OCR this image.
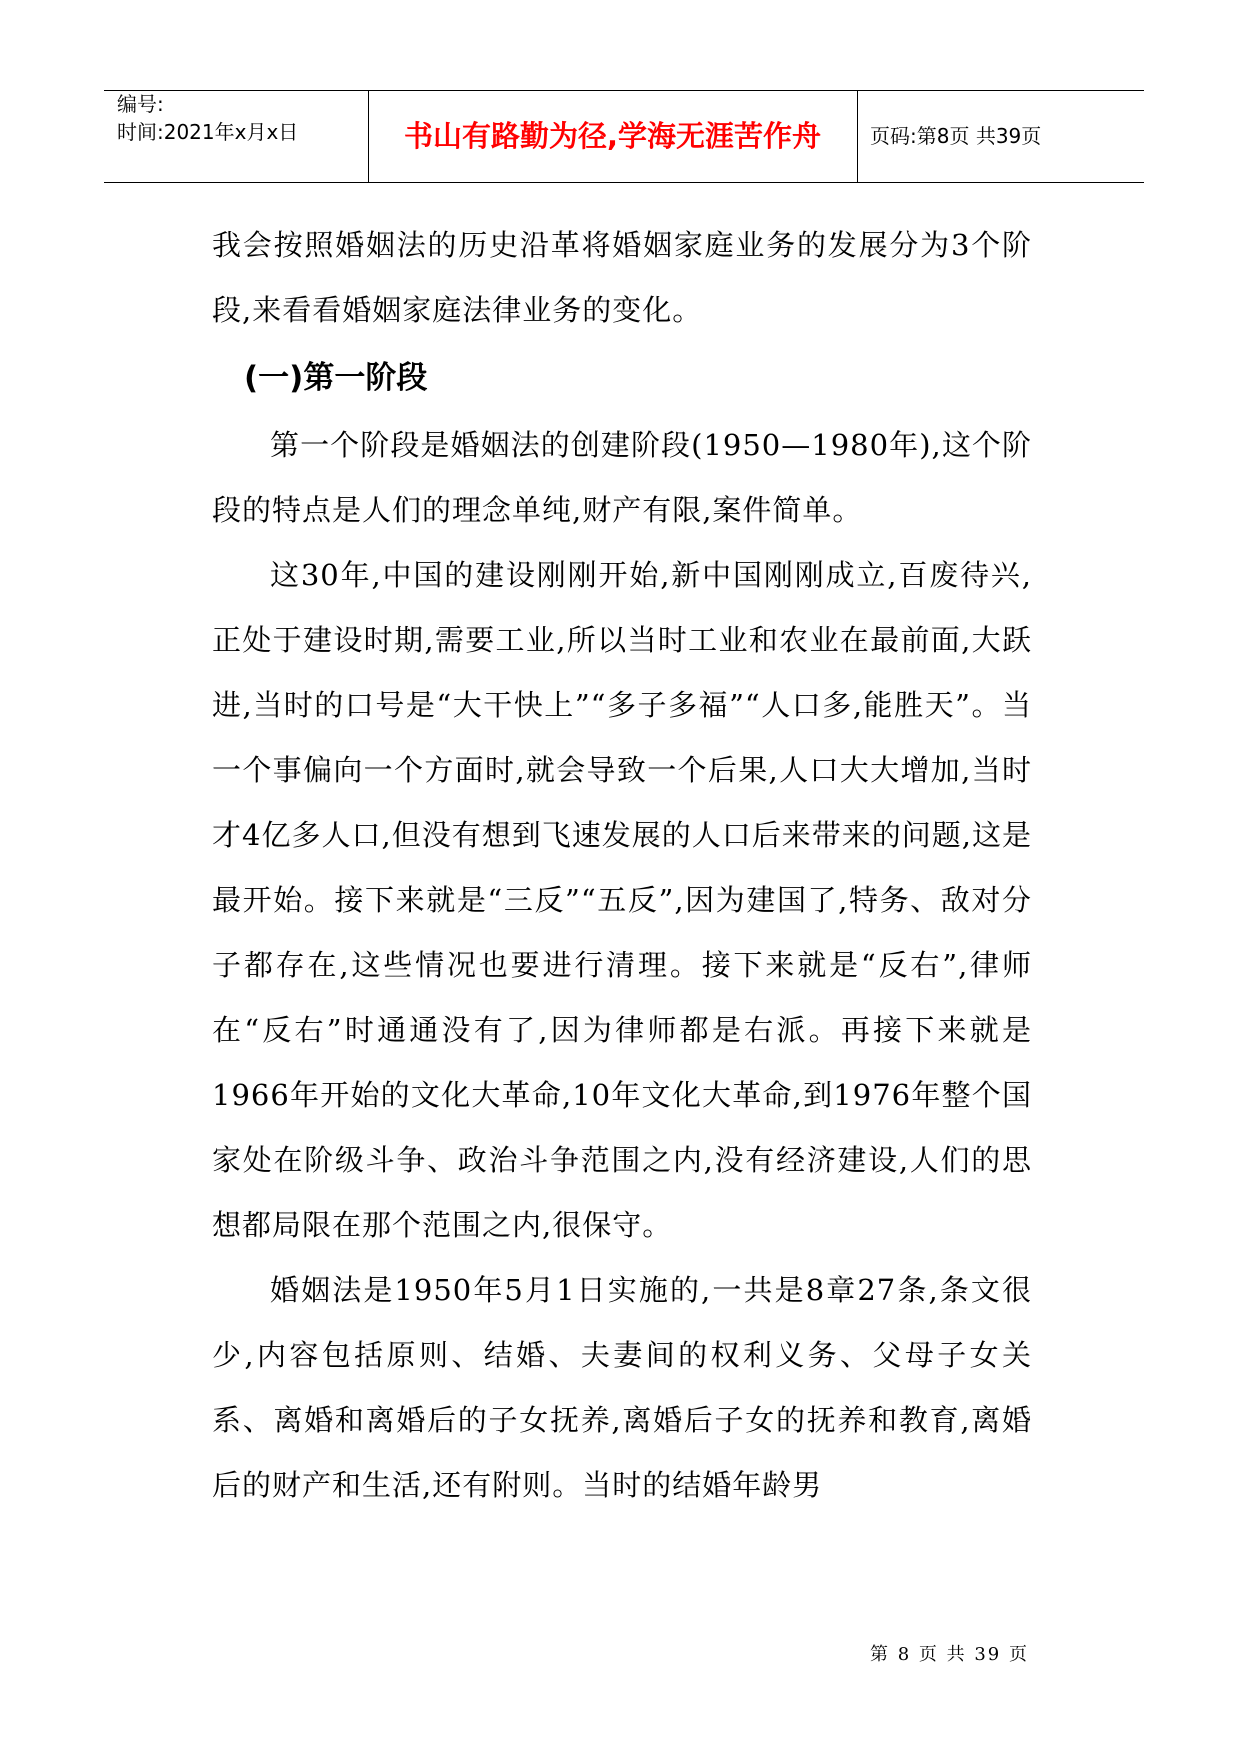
编号:
时间:2021年x月x日	书山有路勤为径,学海无涯苦作舟	页码:第8页 共39页

我会按照婚姻法的历史沿革将婚姻家庭业务的发展分为3个阶段,来看看婚姻家庭法律业务的变化。

(一)第一阶段

第一个阶段是婚姻法的创建阶段(1950—1980年),这个阶段的特点是人们的理念单纯,财产有限,案件简单。

这30年,中国的建设刚刚开始,新中国刚刚成立,百废待兴,正处于建设时期,需要工业,所以当时工业和农业在最前面,大跃进,当时的口号是“大干快上”“多子多福”“人口多,能胜天”。当一个事偏向一个方面时,就会导致一个后果,人口大大增加,当时才4亿多人口,但没有想到飞速发展的人口后来带来的问题,这是最开始。接下来就是“三反”“五反”,因为建国了,特务、敌对分子都存在,这些情况也要进行清理。接下来就是“反右”,律师在“反右”时通通没有了,因为律师都是右派。再接下来就是1966年开始的文化大革命,10年文化大革命,到1976年整个国家处在阶级斗争、政治斗争范围之内,没有经济建设,人们的思想都局限在那个范围之内,很保守。

婚姻法是1950年5月1日实施的,一共是8章27条,条文很少,内容包括原则、结婚、夫妻间的权利义务、父母子女关系、离婚和离婚后的子女抚养,离婚后子女的抚养和教育,离婚后的财产和生活,还有附则。当时的结婚年龄男

第 8 页 共 39 页
